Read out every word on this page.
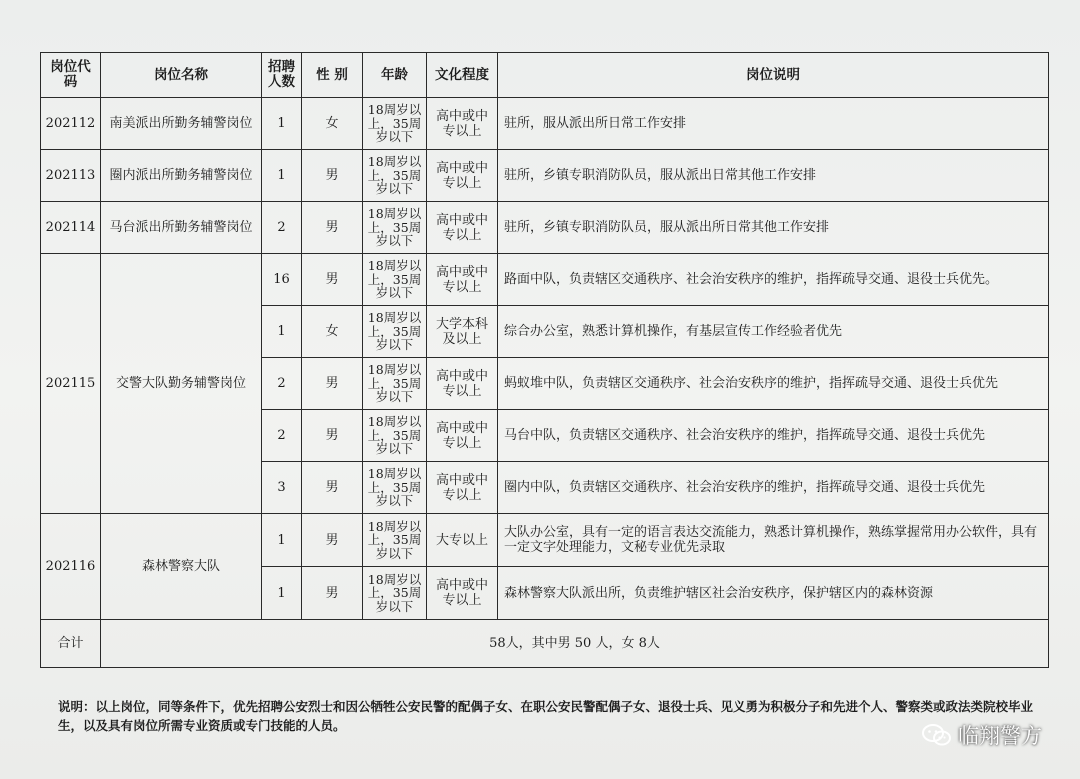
岗位代码	岗位名称	招聘人数	性 别	年龄	文化程度	岗位说明
202112	南美派出所勤务辅警岗位	1	女	18周岁以上，35周岁以下	高中或中专以上	驻所，服从派出所日常工作安排
202113	圈内派出所勤务辅警岗位	1	男	18周岁以上，35周岁以下	高中或中专以上	驻所，乡镇专职消防队员，服从派出日常其他工作安排
202114	马台派出所勤务辅警岗位	2	男	18周岁以上，35周岁以下	高中或中专以上	驻所，乡镇专职消防队员，服从派出所日常其他工作安排
202115	交警大队勤务辅警岗位	16	男	18周岁以上，35周岁以下	高中或中专以上	路面中队，负责辖区交通秩序、社会治安秩序的维护，指挥疏导交通、退役士兵优先。
		1	女	18周岁以上，35周岁以下	大学本科及以上	综合办公室，熟悉计算机操作，有基层宣传工作经验者优先
		2	男	18周岁以上，35周岁以下	高中或中专以上	蚂蚁堆中队，负责辖区交通秩序、社会治安秩序的维护，指挥疏导交通、退役士兵优先
		2	男	18周岁以上，35周岁以下	高中或中专以上	马台中队，负责辖区交通秩序、社会治安秩序的维护，指挥疏导交通、退役士兵优先
		3	男	18周岁以上，35周岁以下	高中或中专以上	圈内中队，负责辖区交通秩序、社会治安秩序的维护，指挥疏导交通、退役士兵优先
202116	森林警察大队	1	男	18周岁以上，35周岁以下	大专以上	大队办公室，具有一定的语言表达交流能力，熟悉计算机操作，熟练掌握常用办公软件，具有一定文字处理能力，文秘专业优先录取
		1	男	18周岁以上，35周岁以下	高中或中专以上	森林警察大队派出所，负责维护辖区社会治安秩序，保护辖区内的森林资源
合计	58人，其中男 50 人，女 8人					
说明：以上岗位，同等条件下，优先招聘公安烈士和因公牺牲公安民警的配偶子女、在职公安民警配偶子女、退役士兵、见义勇为积极分子和先进个人、警察类或政法类院校毕业生，以及具有岗位所需专业资质或专门技能的人员。	临翔警方
